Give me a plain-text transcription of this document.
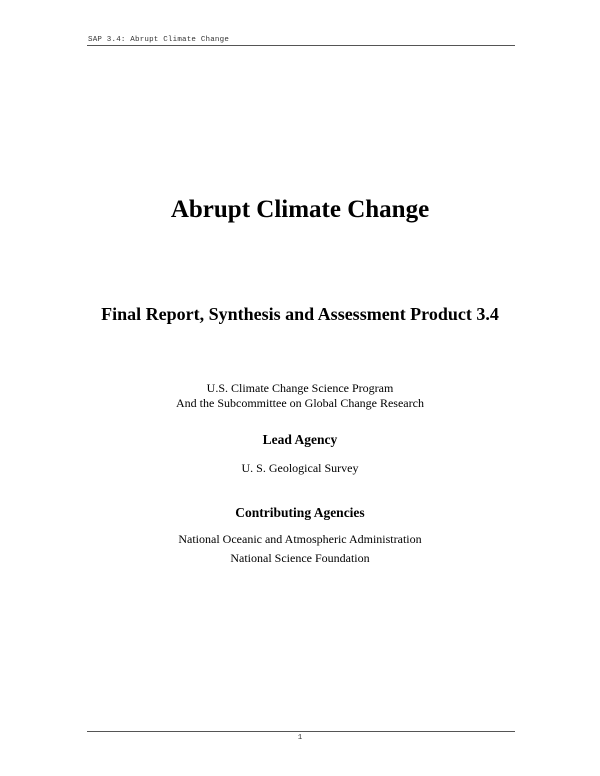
SAP 3.4: Abrupt Climate Change
Abrupt Climate Change
Final Report, Synthesis and Assessment Product 3.4
U.S. Climate Change Science Program
And the Subcommittee on Global Change Research
Lead Agency
U. S. Geological Survey
Contributing Agencies
National Oceanic and Atmospheric Administration
National Science Foundation
1
